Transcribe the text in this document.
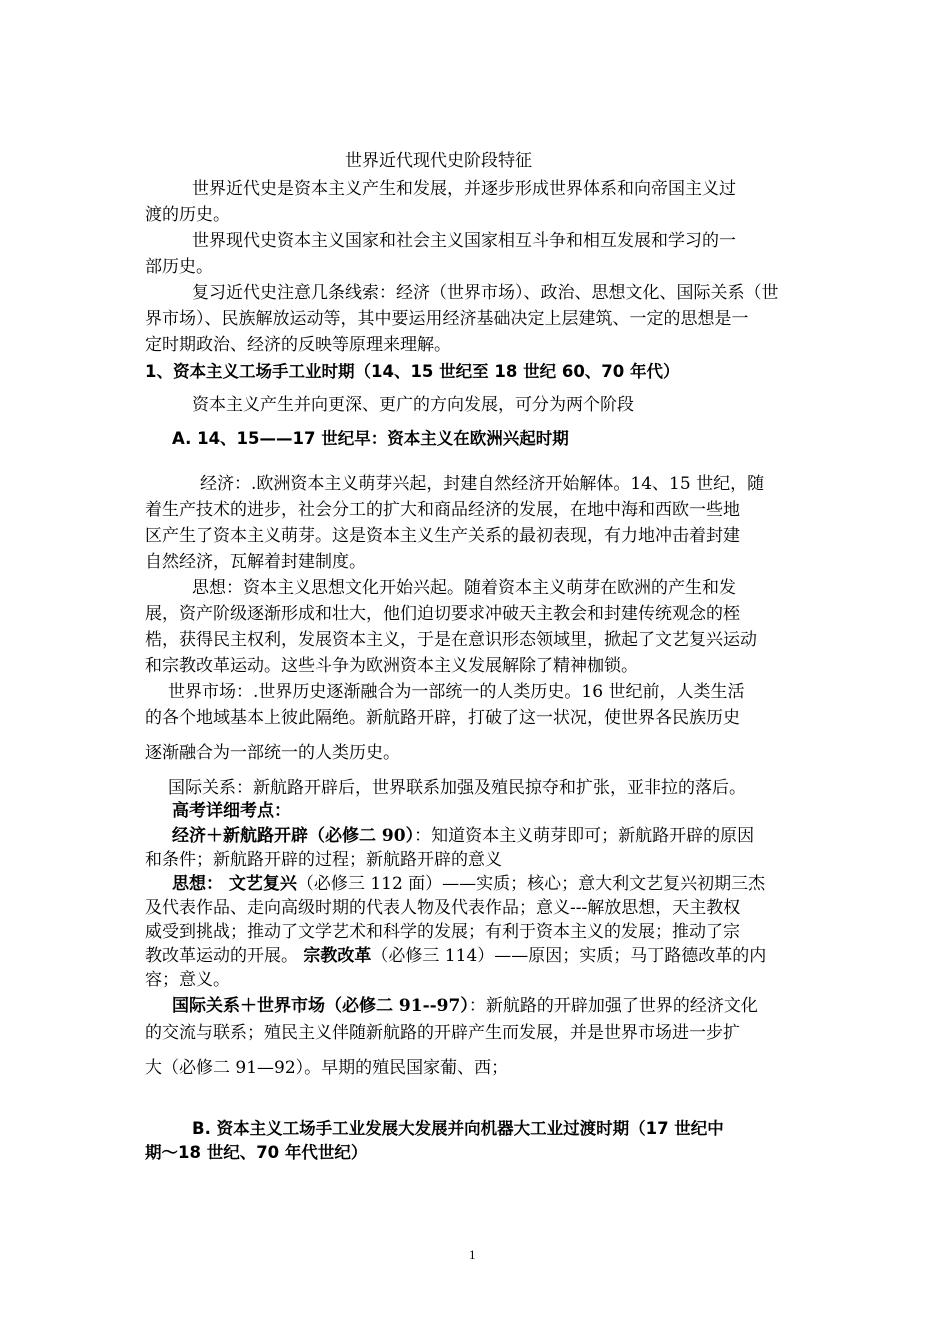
世界近代现代史阶段特征
世界近代史是资本主义产生和发展，并逐步形成世界体系和向帝国主义过
渡的历史。
世界现代史资本主义国家和社会主义国家相互斗争和相互发展和学习的一
部历史。
复习近代史注意几条线索：经济（世界市场）、政治、思想文化、国际关系（世
界市场）、民族解放运动等，其中要运用经济基础决定上层建筑、一定的思想是一
定时期政治、经济的反映等原理来理解。
1、资本主义工场手工业时期（14、15 世纪至 18 世纪 60、70 年代）
资本主义产生并向更深、更广的方向发展，可分为两个阶段
A. 14、15——17 世纪早：资本主义在欧洲兴起时期
经济：.欧洲资本主义萌芽兴起，封建自然经济开始解体。14、15 世纪，随
着生产技术的进步，社会分工的扩大和商品经济的发展，在地中海和西欧一些地
区产生了资本主义萌芽。这是资本主义生产关系的最初表现，有力地冲击着封建
自然经济，瓦解着封建制度。
思想：资本主义思想文化开始兴起。随着资本主义萌芽在欧洲的产生和发
展，资产阶级逐渐形成和壮大，他们迫切要求冲破天主教会和封建传统观念的桎
梏，获得民主权利，发展资本主义，于是在意识形态领域里，掀起了文艺复兴运动
和宗教改革运动。这些斗争为欧洲资本主义发展解除了精神枷锁。
世界市场：.世界历史逐渐融合为一部统一的人类历史。16 世纪前，人类生活
的各个地域基本上彼此隔绝。新航路开辟，打破了这一状况，使世界各民族历史
逐渐融合为一部统一的人类历史。
国际关系：新航路开辟后，世界联系加强及殖民掠夺和扩张，亚非拉的落后。
高考详细考点：
经济＋新航路开辟（必修二 90）：知道资本主义萌芽即可；新航路开辟的原因
和条件；新航路开辟的过程；新航路开辟的意义
思想： 文艺复兴（必修三 112 面）——实质；核心；意大利文艺复兴初期三杰
及代表作品、走向高级时期的代表人物及代表作品；意义---解放思想，天主教权
威受到挑战；推动了文学艺术和科学的发展；有利于资本主义的发展；推动了宗
教改革运动的开展。 宗教改革（必修三 114）——原因；实质；马丁路德改革的内
容；意义。
国际关系＋世界市场（必修二 91--97）：新航路的开辟加强了世界的经济文化
的交流与联系；殖民主义伴随新航路的开辟产生而发展，并是世界市场进一步扩
大（必修二 91—92）。早期的殖民国家葡、西；
B. 资本主义工场手工业发展大发展并向机器大工业过渡时期（17 世纪中
期～18 世纪、70 年代世纪）
1
